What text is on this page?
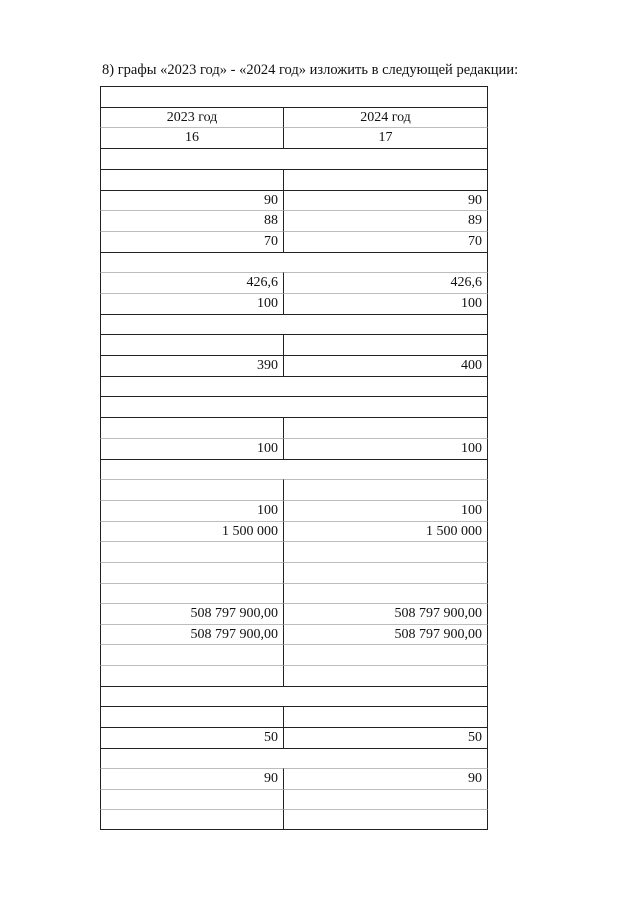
8) графы «2023 год» - «2024 год» изложить в следующей редакции:
2023 год	2024 год
16	17
90	90
88	89
70	70
426,6	426,6
100	100
390	400
100	100
100	100
1 500 000	1 500 000
508 797 900,00	508 797 900,00
508 797 900,00	508 797 900,00
50	50
90	90
